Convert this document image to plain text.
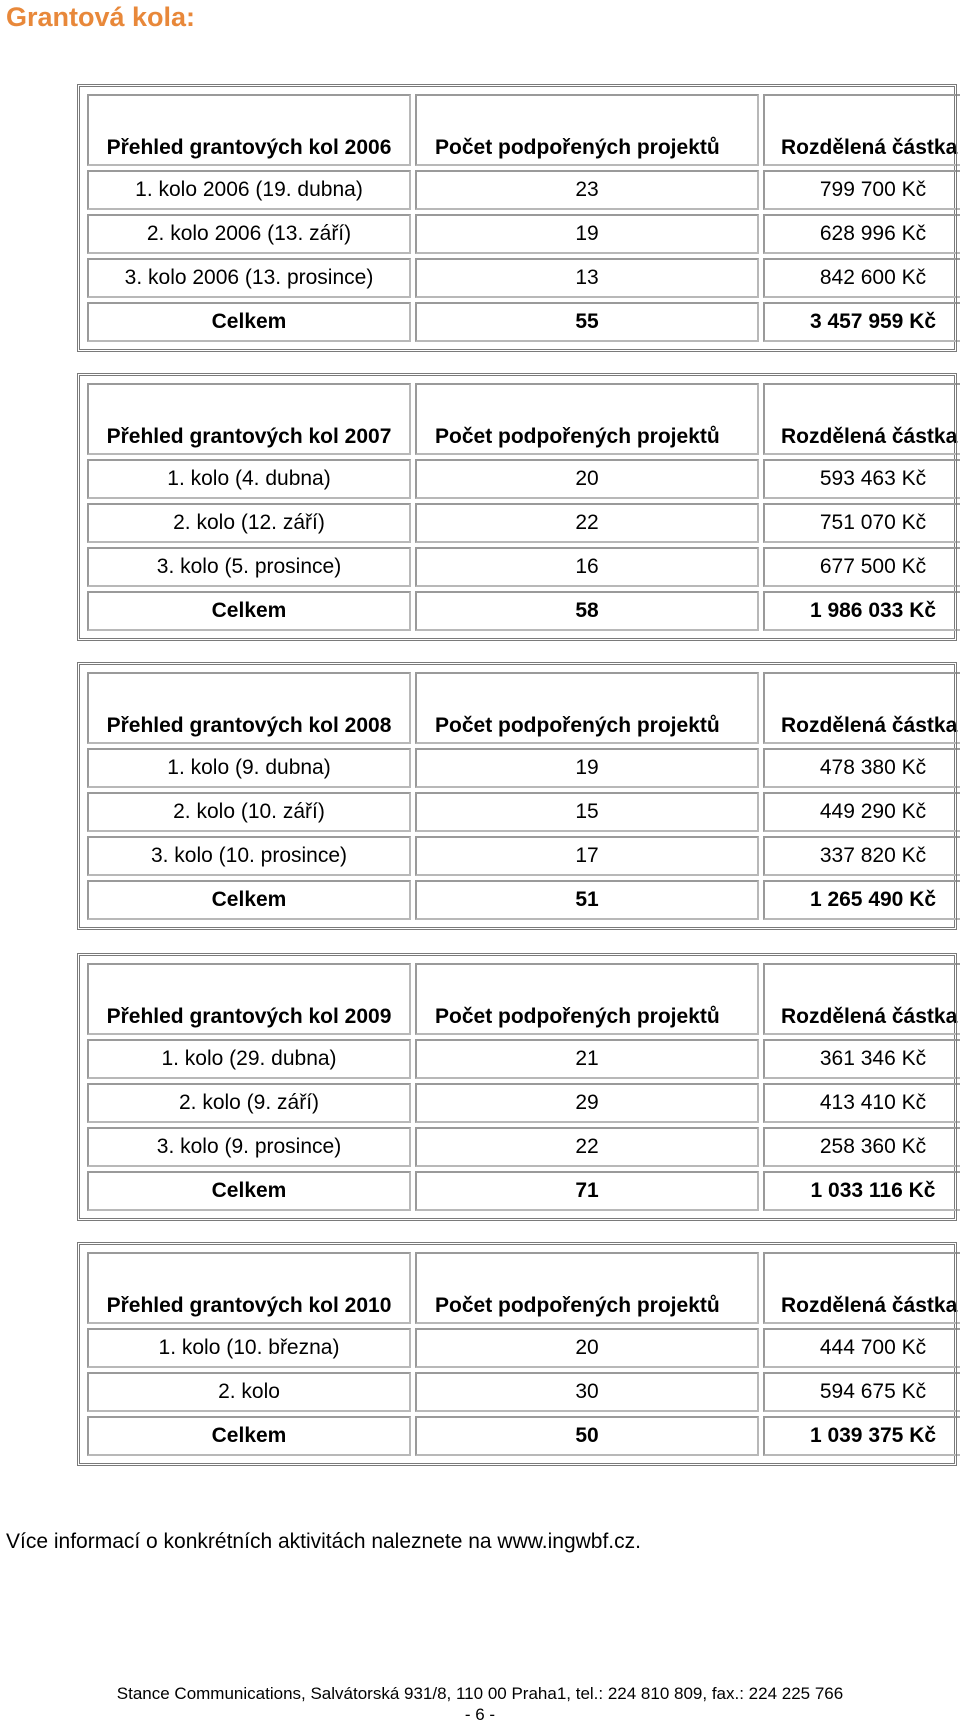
Grantová kola:
Přehled grantových kol 2006	Počet podpořených projektů	Rozdělená částka
1. kolo 2006 (19. dubna)	23	799 700 Kč
2. kolo 2006 (13. září)	19	628 996 Kč
3. kolo 2006 (13. prosince)	13	842 600 Kč
Celkem	55	3 457 959 Kč
Přehled grantových kol 2007	Počet podpořených projektů	Rozdělená částka
1. kolo (4. dubna)	20	593 463 Kč
2. kolo (12. září)	22	751 070 Kč
3. kolo (5. prosince)	16	677 500 Kč
Celkem	58	1 986 033 Kč
Přehled grantových kol 2008	Počet podpořených projektů	Rozdělená částka
1. kolo (9. dubna)	19	478 380 Kč
2. kolo (10. září)	15	449 290 Kč
3. kolo (10. prosince)	17	337 820 Kč
Celkem	51	1 265 490 Kč
Přehled grantových kol 2009	Počet podpořených projektů	Rozdělená částka
1. kolo (29. dubna)	21	361 346 Kč
2. kolo (9. září)	29	413 410 Kč
3. kolo (9. prosince)	22	258 360 Kč
Celkem	71	1 033 116 Kč
Přehled grantových kol 2010	Počet podpořených projektů	Rozdělená částka
1. kolo (10. března)	20	444 700 Kč
2. kolo	30	594 675 Kč
Celkem	50	1 039 375 Kč

Více informací o konkrétních aktivitách naleznete na www.ingwbf.cz.

Stance Communications, Salvátorská 931/8, 110 00 Praha1, tel.: 224 810 809, fax.: 224 225 766
- 6 -
